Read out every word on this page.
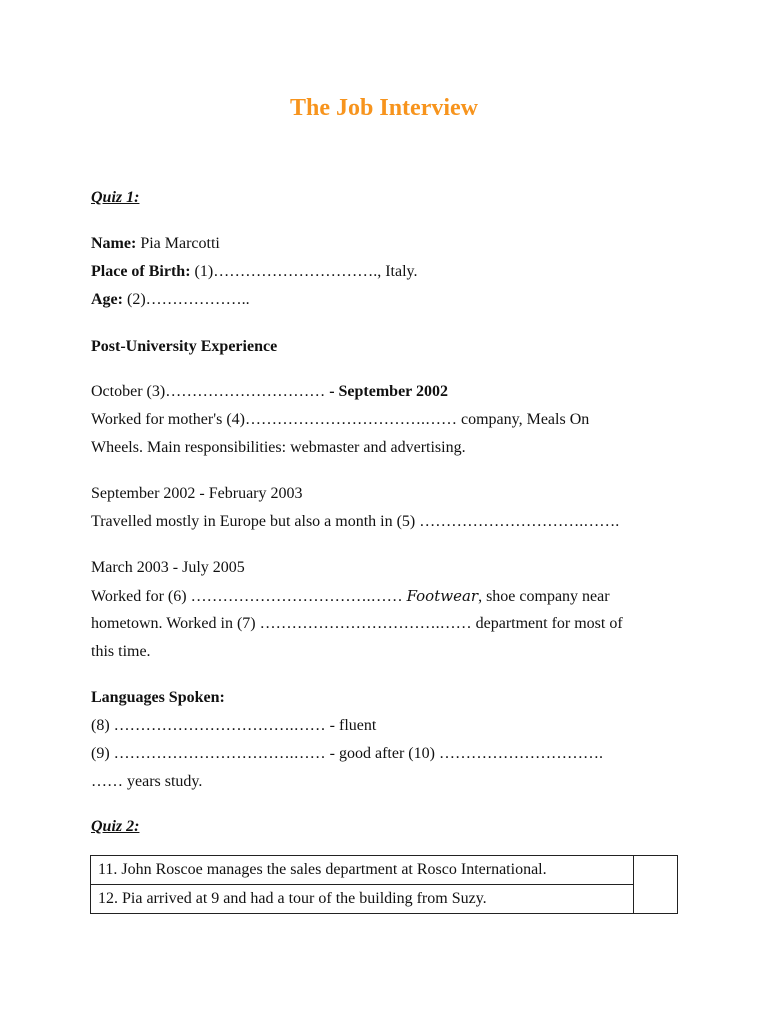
The Job Interview
Quiz 1:
Name: Pia Marcotti
Place of Birth: (1)…………………………., Italy.
Age: (2)………………..
Post-University Experience
October (3)………………………… - September 2002
Worked for mother's (4)…………………………….…… company, Meals On
Wheels. Main responsibilities: webmaster and advertising.
September 2002 - February 2003
Travelled mostly in Europe but also a month in (5) ………………………….…….
March 2003 - July 2005
Worked for (6) …………………………….…… Footwear, shoe company near
hometown. Worked in (7) …………………………….…… department for most of
this time.
Languages Spoken:
(8) …………………………….…… - fluent
(9) …………………………….…… - good after (10) ………………………….
…… years study.
Quiz 2:
11. John Roscoe manages the sales department at Rosco International.	
12. Pia arrived at 9 and had a tour of the building from Suzy.
